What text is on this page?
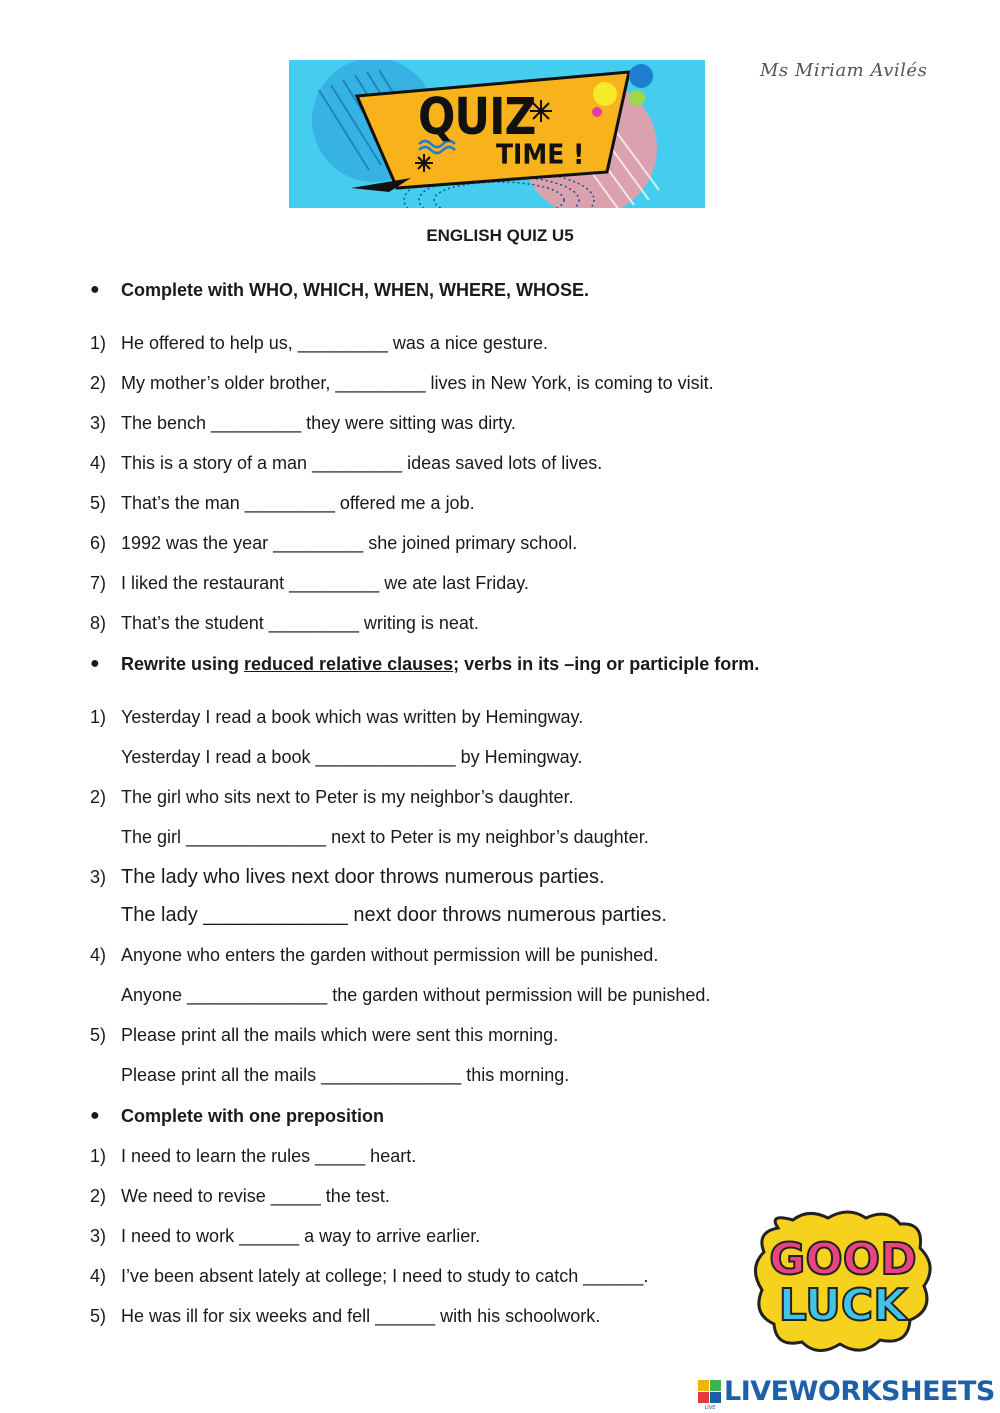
Ms Miriam Avilés
QUIZ
TIME !
ENGLISH QUIZ U5
● Complete with WHO, WHICH, WHEN, WHERE, WHOSE.
1) He offered to help us, _________ was a nice gesture.
2) My mother’s older brother, _________ lives in New York, is coming to visit.
3) The bench _________ they were sitting was dirty.
4) This is a story of a man _________ ideas saved lots of lives.
5) That’s the man _________ offered me a job.
6) 1992 was the year _________ she joined primary school.
7) I liked the restaurant _________ we ate last Friday.
8) That’s the student _________ writing is neat.
● Rewrite using reduced relative clauses; verbs in its –ing or participle form.
1) Yesterday I read a book which was written by Hemingway.
Yesterday I read a book ______________ by Hemingway.
2) The girl who sits next to Peter is my neighbor’s daughter.
The girl ______________ next to Peter is my neighbor’s daughter.
3) The lady who lives next door throws numerous parties.
The lady _____________ next door throws numerous parties.
4) Anyone who enters the garden without permission will be punished.
Anyone ______________ the garden without permission will be punished.
5) Please print all the mails which were sent this morning.
Please print all the mails ______________ this morning.
● Complete with one preposition
1) I need to learn the rules _____ heart.
2) We need to revise _____ the test.
3) I need to work ______ a way to arrive earlier.
4) I’ve been absent lately at college; I need to study to catch ______.
5) He was ill for six weeks and fell ______ with his schoolwork.
GOOD
LUCK
LIVE
LIVEWORKSHEETS
